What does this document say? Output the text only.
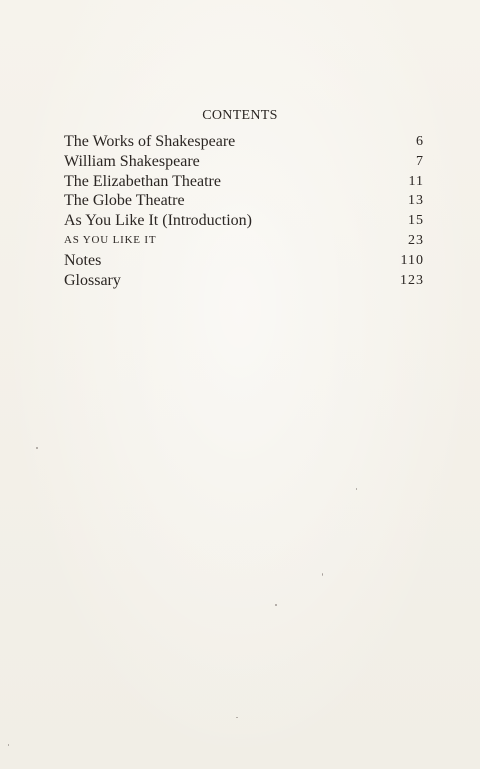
CONTENTS
The Works of Shakespeare	6
William Shakespeare	7
The Elizabethan Theatre	11
The Globe Theatre	13
As You Like It (Introduction)	15
AS YOU LIKE IT	23
Notes	110
Glossary	123
